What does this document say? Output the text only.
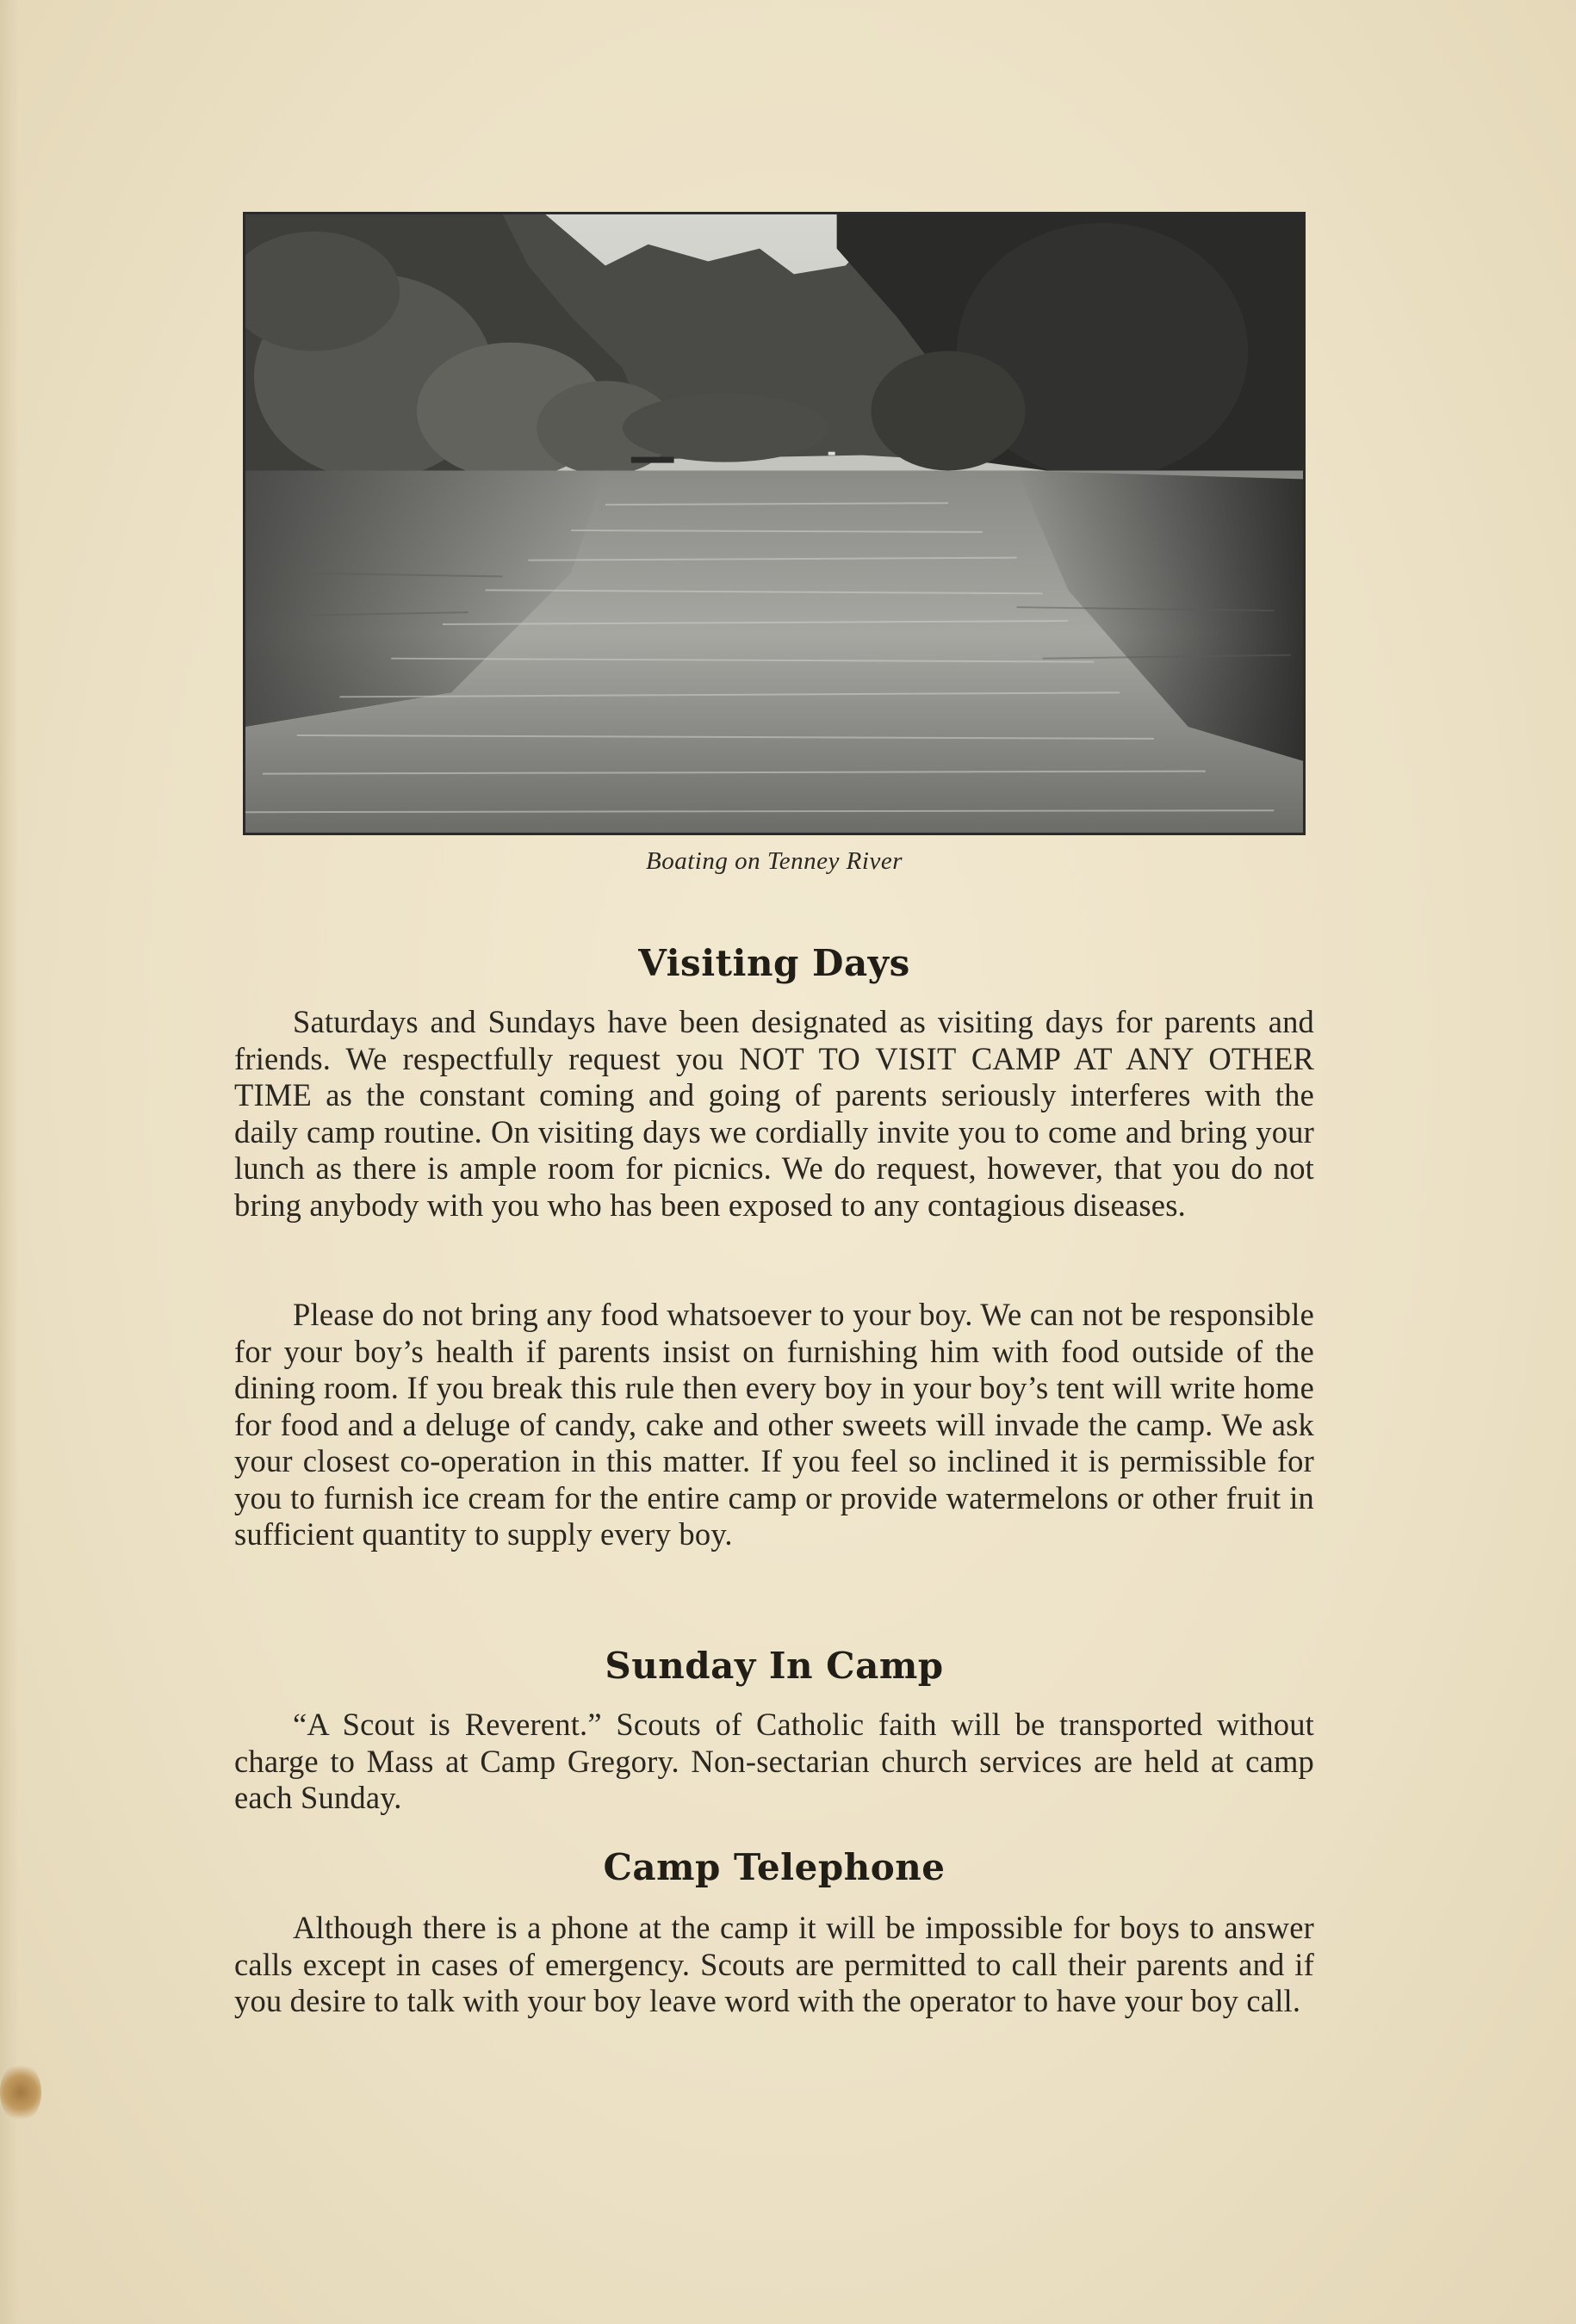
Boating on Tenney River
Visiting Days
Saturdays and Sundays have been designated as visiting days for parents and friends. We respectfully request you NOT TO VISIT CAMP AT ANY OTHER TIME as the constant coming and going of parents seriously interferes with the daily camp routine. On visiting days we cordially invite you to come and bring your lunch as there is ample room for picnics. We do request, however, that you do not bring anybody with you who has been exposed to any contagious diseases.
Please do not bring any food whatsoever to your boy. We can not be responsible for your boy’s health if parents insist on furnishing him with food outside of the dining room. If you break this rule then every boy in your boy’s tent will write home for food and a deluge of candy, cake and other sweets will invade the camp. We ask your closest co-operation in this matter. If you feel so inclined it is permissible for you to furnish ice cream for the entire camp or provide watermelons or other fruit in sufficient quantity to supply every boy.
Sunday In Camp
“A Scout is Reverent.” Scouts of Catholic faith will be transported without charge to Mass at Camp Gregory. Non-sectarian church services are held at camp each Sunday.
Camp Telephone
Although there is a phone at the camp it will be impossible for boys to answer calls except in cases of emergency. Scouts are permitted to call their parents and if you desire to talk with your boy leave word with the operator to have your boy call.
